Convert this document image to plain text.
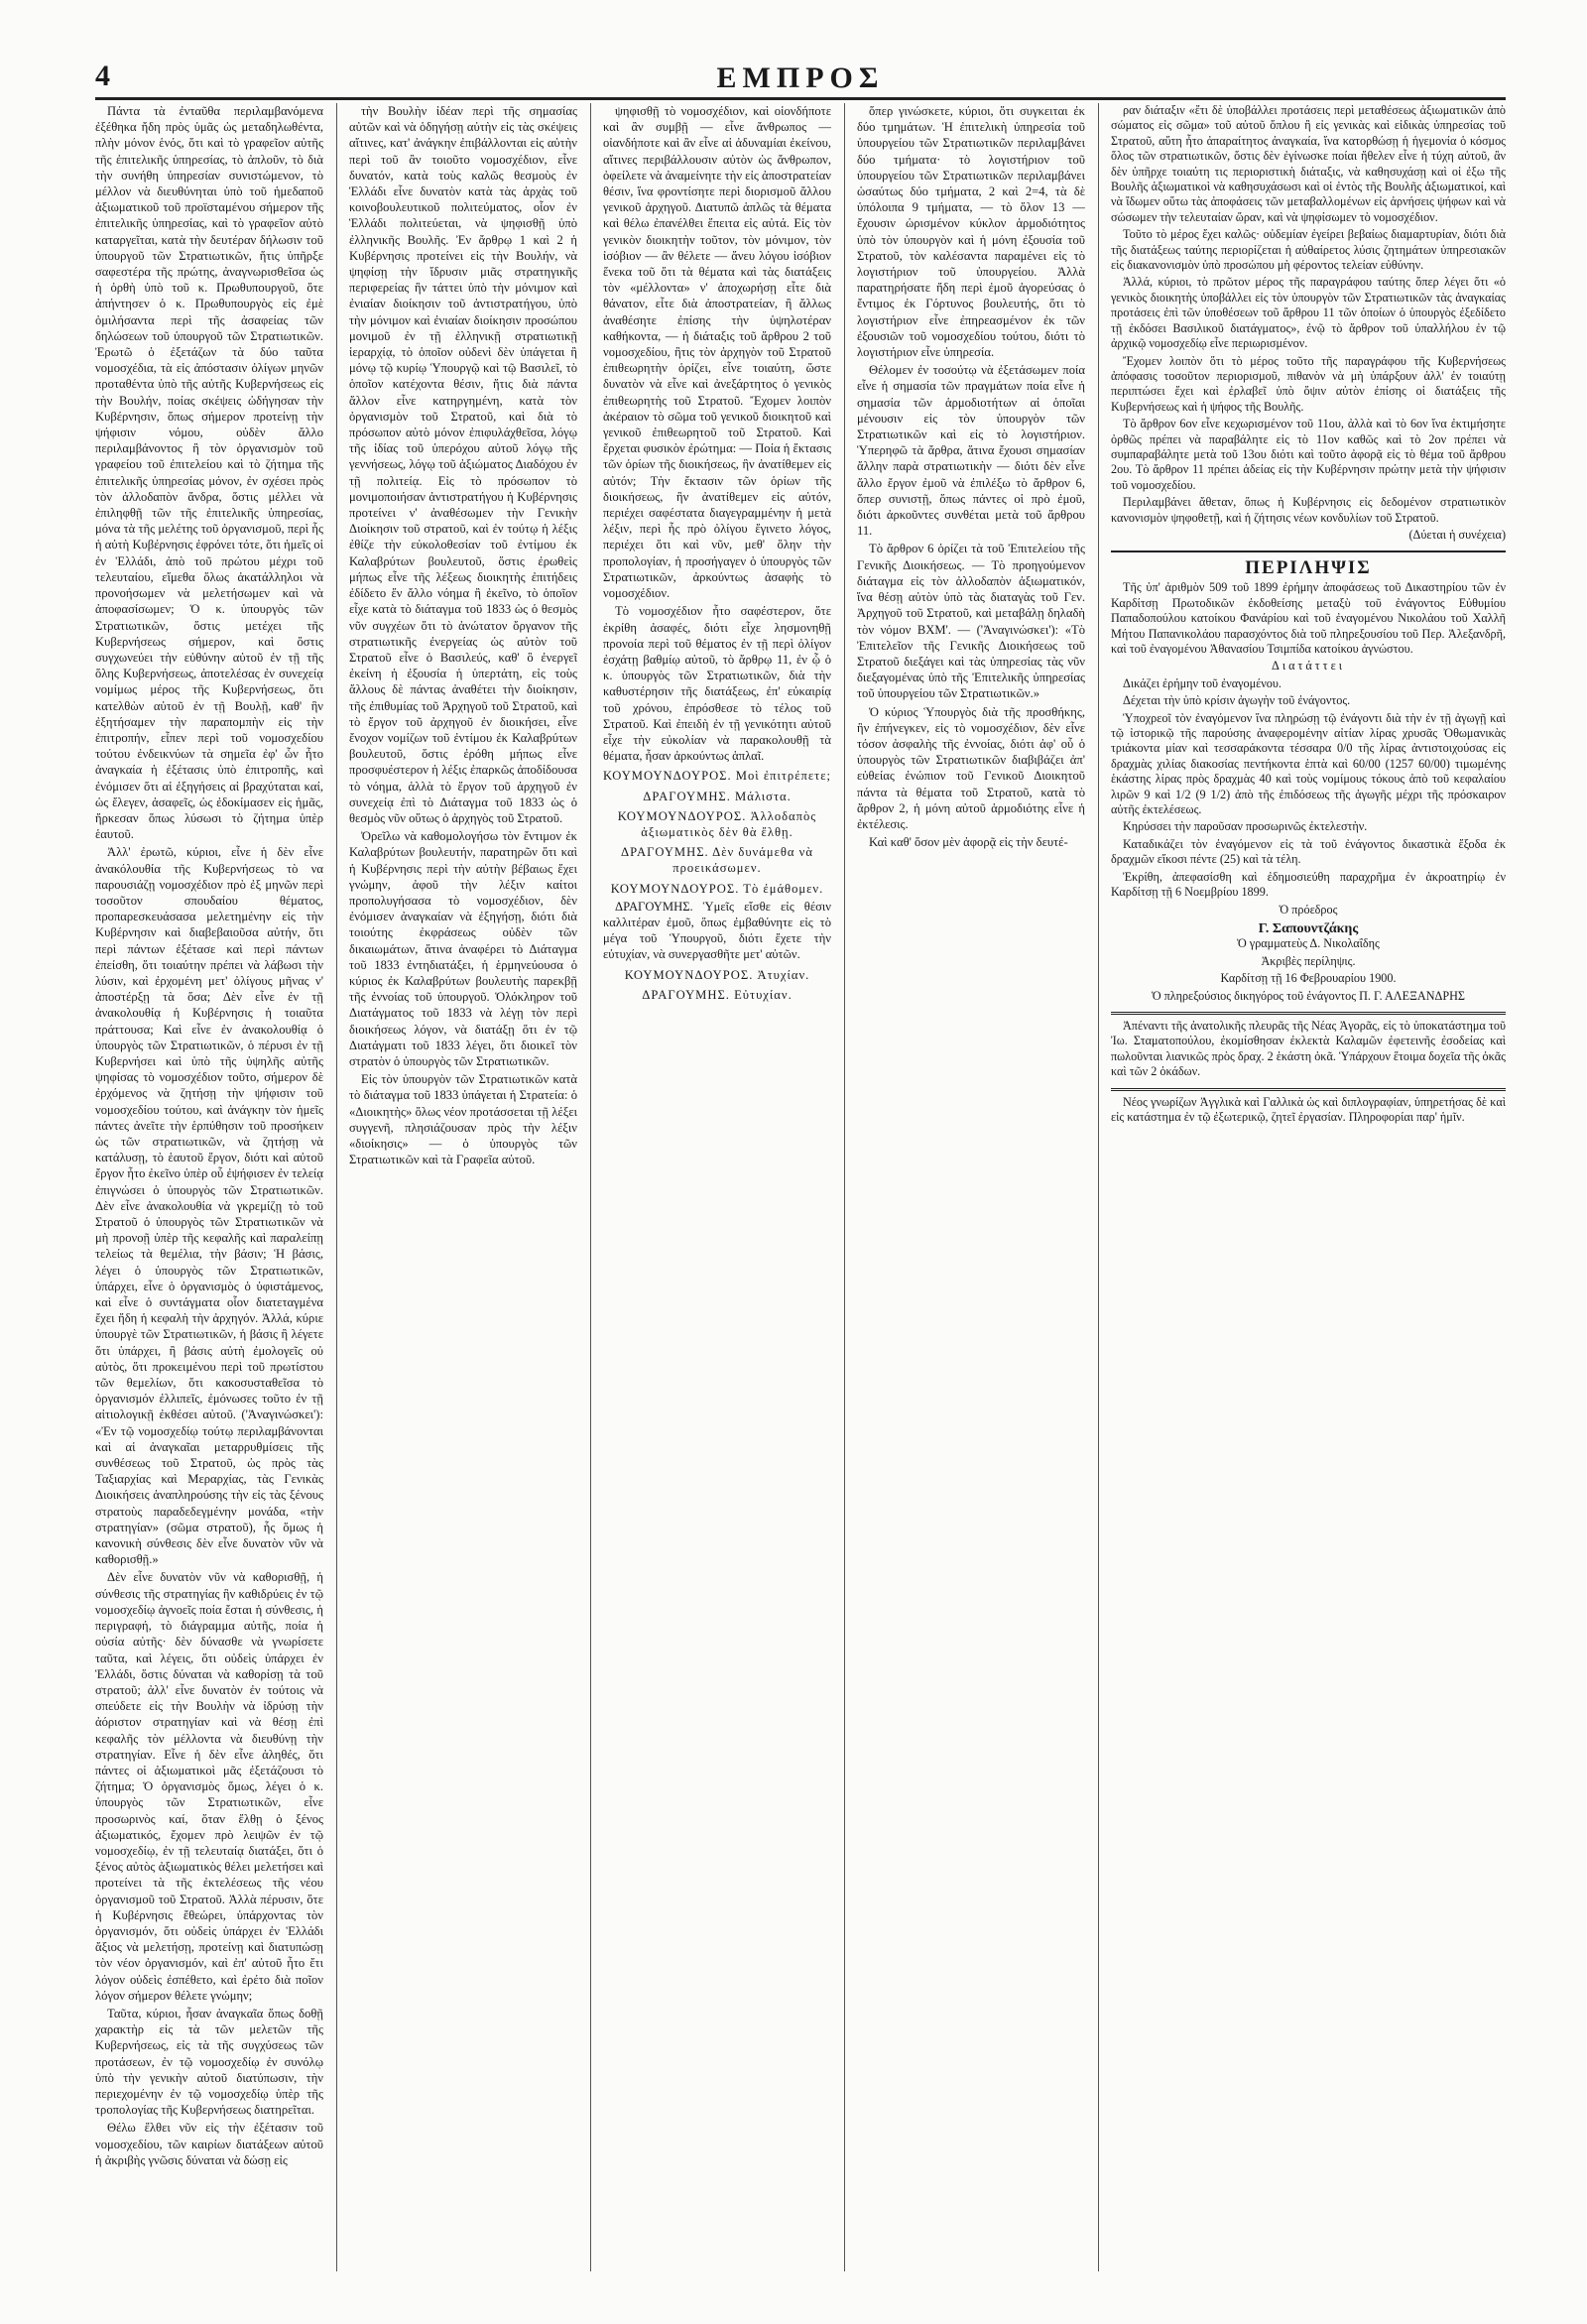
4	ΕΜΠΡΟΣ

Πάντα τὰ ἐνταῦθα περιλαμβανόμενα ἐξέθηκα ἤδη πρὸς ὑμᾶς ὡς μεταδηλωθέντα, πλὴν μόνον ἑνός, ὅτι καὶ τὸ γραφεῖον αὐτῆς τῆς ἐπιτελικῆς ὑπηρεσίας, τὸ ἀπλοῦν, τὸ διὰ τὴν συνήθη ὑπηρεσίαν συνιστώμενον, τὸ μέλλον νὰ διευθύνηται ὑπὸ τοῦ ἡμεδαποῦ ἀξιωματικοῦ τοῦ προϊσταμένου σήμερον τῆς ἐπιτελικῆς ὑπηρεσίας, καὶ τὸ γραφεῖον αὐτὸ καταργεῖται, κατὰ τὴν δευτέραν δήλωσιν τοῦ ὑπουργοῦ τῶν Στρατιωτικῶν, ἥτις ὑπῆρξε σαφεστέρα τῆς πρώτης, ἀναγνωρισθεῖσα ὡς ἡ ὀρθὴ ὑπὸ τοῦ κ. Πρωθυπουργοῦ, ὅτε ἀπήντησεν ὁ κ. Πρωθυπουργὸς εἰς ἐμὲ ὁμιλήσαντα περὶ τῆς ἀσαφείας τῶν δηλώσεων τοῦ ὑπουργοῦ τῶν Στρατιωτικῶν. Ἐρωτῶ ὁ ἐξετάζων τὰ δύο ταῦτα νομοσχέδια, τὰ εἰς ἀπόστασιν ὀλίγων μηνῶν προταθέντα ὑπὸ τῆς αὐτῆς Κυβερνήσεως εἰς τὴν Βουλήν, ποίας σκέψεις ὠδήγησαν τὴν Κυβέρνησιν, ὅπως σήμερον προτείνῃ τὴν ψήφισιν νόμου, οὐδὲν ἄλλο περιλαμβάνοντος ἢ τὸν ὀργανισμὸν τοῦ γραφείου τοῦ ἐπιτελείου καὶ τὸ ζήτημα τῆς ἐπιτελικῆς ὑπηρεσίας μόνον, ἐν σχέσει πρὸς τὸν ἀλλοδαπὸν ἄνδρα, ὅστις μέλλει νὰ ἐπιληφθῇ τῶν τῆς ἐπιτελικῆς ὑπηρεσίας, μόνα τὰ τῆς μελέτης τοῦ ὀργανισμοῦ, περὶ ἧς ἡ αὐτὴ Κυβέρνησις ἐφρόνει τότε, ὅτι ἡμεῖς οἱ ἐν Ἑλλάδι, ἀπὸ τοῦ πρώτου μέχρι τοῦ τελευταίου, εἴμεθα ὅλως ἀκατάλληλοι νὰ προνοήσωμεν νὰ μελετήσωμεν καὶ νὰ ἀποφασίσωμεν; Ὁ κ. ὑπουργὸς τῶν Στρατιωτικῶν, ὅστις μετέχει τῆς Κυβερνήσεως σήμερον, καὶ ὅστις συγχωνεύει τὴν εὐθύνην αὐτοῦ ἐν τῇ τῆς ὅλης Κυβερνήσεως, ἀποτελέσας ἐν συνεχείᾳ νομίμως μέρος τῆς Κυβερνήσεως, ὅτι κατελθὼν αὐτοῦ ἐν τῇ Βουλῇ, καθ' ἣν ἐξητήσαμεν τὴν παραπομπὴν εἰς τὴν ἐπιτροπήν, εἶπεν περὶ τοῦ νομοσχεδίου τούτου ἐνδεικνύων τὰ σημεῖα ἐφ' ὧν ἦτο ἀναγκαία ἡ ἐξέτασις ὑπὸ ἐπιτροπῆς, καὶ ἐνόμισεν ὅτι αἱ ἐξηγήσεις αἱ βραχύταται καί, ὡς ἔλεγεν, ἀσαφεῖς, ὡς ἐδοκίμασεν εἰς ἡμᾶς, ἤρκεσαν ὅπως λύσωσι τὸ ζήτημα ὑπὲρ ἑαυτοῦ.

Ἀλλ' ἐρωτῶ, κύριοι, εἶνε ἡ δὲν εἶνε ἀνακόλουθία τῆς Κυβερνήσεως τὸ να παρουσιάζῃ νομοσχέδιον πρὸ ἐξ μηνῶν περὶ τοσοῦτον σπουδαίου θέματος, προπαρεσκευάσασα μελετημένην εἰς τὴν Κυβέρνησιν καὶ διαβεβαιοῦσα αὐτήν, ὅτι περὶ πάντων ἐξέτασε καὶ περὶ πάντων ἐπείσθη, ὅτι τοιαύτην πρέπει νὰ λάβωσι τὴν λύσιν, καὶ ἐρχομένη μετ' ὀλίγους μῆνας ν' ἀποστέρξῃ τὰ ὅσα; Δὲν εἶνε ἐν τῇ ἀνακολουθίᾳ ἡ Κυβέρνησις ἡ τοιαῦτα πράττουσα; Καὶ εἶνε ἐν ἀνακολουθίᾳ ὁ ὑπουργὸς τῶν Στρατιωτικῶν, ὁ πέρυσι ἐν τῇ Κυβερνήσει καὶ ὑπὸ τῆς ὑψηλῆς αὐτῆς ψηφίσας τὸ νομοσχέδιον τοῦτο, σήμερον δὲ ἐρχόμενος νὰ ζητήσῃ τὴν ψήφισιν τοῦ νομοσχεδίου τούτου, καὶ ἀνάγκην τὸν ἡμεῖς πάντες ἀνεῖτε τὴν ἑρπύθησιν τοῦ προσήκειν ὡς τῶν στρατιωτικῶν, νὰ ζητήσῃ νὰ κατάλυσῃ, τὸ ἑαυτοῦ ἔργον, διότι καὶ αὐτοῦ ἔργον ἦτο ἐκεῖνο ὑπὲρ οὗ ἐψήφισεν ἐν τελείᾳ ἐπιγνώσει ὁ ὑπουργὸς τῶν Στρατιωτικῶν. Δὲν εἶνε ἀνακολουθία νὰ γκρεμίζῃ τὸ τοῦ Στρατοῦ ὁ ὑπουργὸς τῶν Στρατιωτικῶν νὰ μὴ προνοῇ ὑπὲρ τῆς κεφαλῆς καὶ παραλείπῃ τελείως τὰ θεμέλια, τὴν βάσιν; Ἡ βάσις, λέγει ὁ ὑπουργὸς τῶν Στρατιωτικῶν, ὑπάρχει, εἶνε ὁ ὀργανισμὸς ὁ ὑφιστάμενος, καὶ εἶνε ὁ συντάγματα οἷον διατεταγμένα ἔχει ἤδη ἡ κεφαλὴ τὴν ἀρχηγόν. Ἀλλά, κύριε ὑπουργὲ τῶν Στρατιωτικῶν, ἡ βάσις ἢ λέγετε ὅτι ὑπάρχει, ἢ βάσις αὐτὴ ἐμολογεῖς οὐ αὐτὸς, ὅτι προκειμένου περὶ τοῦ πρωτίστου τῶν θεμελίων, ὅτι κακοσυσταθεῖσα τὸ ὀργανισμόν ἐλλιπεῖς, ἐμόνωσες τοῦτο ἐν τῇ αἰτιολογικῇ ἐκθέσει αὐτοῦ. ('Ἀναγινώσκει'): «Ἐν τῷ νομοσχεδίῳ τούτῳ περιλαμβάνονται καὶ αἱ ἀναγκαῖαι μεταρρυθμίσεις τῆς συνθέσεως τοῦ Στρατοῦ, ὡς πρὸς τὰς Ταξιαρχίας καὶ Μεραρχίας, τὰς Γενικὰς Διοικήσεις ἀναπληρούσης τὴν εἰς τὰς ξένους στρατοὺς παραδεδεγμένην μονάδα, «τὴν στρατηγίαν» (σῶμα στρατοῦ), ἧς ὅμως ἡ κανονικὴ σύνθεσις δὲν εἶνε δυνατὸν νῦν νὰ καθορισθῇ.»

Δὲν εἶνε δυνατὸν νῦν νὰ καθορισθῇ, ἡ σύνθεσις τῆς στρατηγίας ἣν καθιδρύεις ἐν τῷ νομοσχεδίῳ ἀγνοεῖς ποία ἔσται ἡ σύνθεσις, ἡ περιγραφή, τὸ διάγραμμα αὐτῆς, ποία ἡ οὐσία αὐτῆς· δὲν δύνασθε νὰ γνωρίσετε ταῦτα, καὶ λέγεις, ὅτι οὐδεὶς ὑπάρχει ἐν Ἑλλάδι, ὅστις δύναται νὰ καθορίσῃ τὰ τοῦ στρατοῦ; ἀλλ' εἶνε δυνατὸν ἐν τούτοις νὰ σπεύδετε εἰς τὴν Βουλὴν νὰ ἰδρύσῃ τὴν ἀόριστον στρατηγίαν καὶ νὰ θέσῃ ἐπὶ κεφαλῆς τὸν μέλλοντα νὰ διευθύνῃ τὴν στρατηγίαν. Εἶνε ἡ δὲν εἶνε ἀληθές, ὅτι πάντες οἱ ἀξιωματικοὶ μᾶς ἐξετάζουσι τὸ ζήτημα; Ὁ ὀργανισμὸς ὅμως, λέγει ὁ κ. ὑπουργὸς τῶν Στρατιωτικῶν, εἶνε προσωρινὸς καί, ὅταν ἔλθῃ ὁ ξένος ἀξιωματικός, ἔχομεν πρὸ λειψῶν ἐν τῷ νομοσχεδίῳ, ἐν τῇ τελευταίᾳ διατάξει, ὅτι ὁ ξένος αὐτὸς ἀξιωματικὸς θέλει μελετήσει καὶ προτείνει τὰ τῆς ἐκτελέσεως τῆς νέου ὀργανισμοῦ τοῦ Στρατοῦ. Ἀλλὰ πέρυσιν, ὅτε ἡ Κυβέρνησις ἔθεώρει, ὑπάρχοντας τὸν ὀργανισμόν, ὅτι οὐδεὶς ὑπάρχει ἐν Ἑλλάδι ἄξιος νὰ μελετήσῃ, προτείνῃ καὶ διατυπώσῃ τὸν νέον ὀργανισμόν, καὶ ἐπ' αὐτοῦ ἦτο ἔτι λόγον οὐδεὶς ἐσπέθετο, καὶ ἐρέτο διὰ ποῖον λόγον σήμερον θέλετε γνώμην;

Ταῦτα, κύριοι, ἦσαν ἀναγκαῖα ὅπως δοθῇ χαρακτὴρ εἰς τὰ τῶν μελετῶν τῆς Κυβερνήσεως, εἰς τὰ τῆς συγχύσεως τῶν προτάσεων, ἐν τῷ νομοσχεδίῳ ἐν συνόλῳ ὑπὸ τὴν γενικὴν αὐτοῦ διατύπωσιν, τὴν περιεχομένην ἐν τῷ νομοσχεδίῳ ὑπὲρ τῆς τροπολογίας τῆς Κυβερνήσεως διατηρεῖται.

Θέλω ἔλθει νῦν εἰς τὴν ἐξέτασιν τοῦ νομοσχεδίου, τῶν καιρίων διατάξεων αὐτοῦ ἡ ἀκριβὴς γνῶσις δύναται νὰ δώσῃ εἰς

τὴν Βουλὴν ἰδέαν περὶ τῆς σημασίας αὐτῶν καὶ νὰ ὁδηγήσῃ αὐτὴν εἰς τὰς σκέψεις αἵτινες, κατ' ἀνάγκην ἐπιβάλλονται εἰς αὐτὴν περὶ τοῦ ἂν τοιοῦτο νομοσχέδιον, εἶνε δυνατόν, κατὰ τοὺς καλῶς θεσμοὺς ἐν Ἑλλάδι εἶνε δυνατὸν κατὰ τὰς ἀρχὰς τοῦ κοινοβουλευτικοῦ πολιτεύματος, οἷον ἐν Ἑλλάδι πολιτεύεται, νὰ ψηφισθῇ ὑπὸ ἐλληνικῆς Βουλῆς. Ἐν ἄρθρῳ 1 καὶ 2 ἡ Κυβέρνησις προτείνει εἰς τὴν Βουλήν, νὰ ψηφίσῃ τὴν ἵδρυσιν μιᾶς στρατηγικῆς περιφερείας ἣν τάττει ὑπὸ τὴν μόνιμον καὶ ἐνιαίαν διοίκησιν τοῦ ἀντιστρατήγου, ὑπὸ τὴν μόνιμον καὶ ἐνιαίαν διοίκησιν προσώπου μονιμοῦ ἐν τῇ ἐλληνικῇ στρατιωτικῇ ἱεραρχίᾳ, τὸ ὁποῖον οὐδενὶ δὲν ὑπάγεται ἢ μόνῳ τῷ κυρίῳ Ὑπουργῷ καὶ τῷ Βασιλεῖ, τὸ ὁποῖον κατέχοντα θέσιν, ἥτις διὰ πάντα ἄλλον εἶνε κατηργημένη, κατὰ τὸν ὀργανισμὸν τοῦ Στρατοῦ, καὶ διὰ τὸ πρόσωπον αὐτὸ μόνον ἐπιφυλάχθεῖσα, λόγῳ τῆς ἰδίας τοῦ ὑπερόχου αὐτοῦ λόγῳ τῆς γεννήσεως, λόγῳ τοῦ ἀξιώματος Διαδόχου ἐν τῇ πολιτείᾳ. Εἰς τὸ πρόσωπον τὸ μονιμοποιήσαν ἀντιστρατήγου ἡ Κυβέρνησις προτείνει ν' ἀναθέσωμεν τὴν Γενικὴν Διοίκησιν τοῦ στρατοῦ, καὶ ἐν τούτῳ ἡ λέξις ἐθίζε τὴν εὐκολοθεσίαν τοῦ ἐντίμου ἐκ Καλαβρύτων βουλευτοῦ, ὅστις ἐρωθεὶς μήπως εἶνε τῆς λέξεως διοικητὴς ἐπιτήδεις ἐδίδετο ἕν ἄλλο νόημα ἢ ἐκεῖνο, τὸ ὁποῖον εἶχε κατὰ τὸ διάταγμα τοῦ 1833 ὡς ὁ θεσμὸς νῦν συγχέων ὅτι τὸ ἀνώτατον ὄργανον τῆς στρατιωτικῆς ἐνεργείας ὡς αὐτὸν τοῦ Στρατοῦ εἶνε ὁ Βασιλεύς, καθ' ὃ ἐνεργεῖ ἐκείνη ἡ ἐξουσία ἡ ὑπερτάτη, εἰς τοὺς ἄλλους δὲ πάντας ἀναθέτει τὴν διοίκησιν, τῆς ἐπιθυμίας τοῦ Ἀρχηγοῦ τοῦ Στρατοῦ, καὶ τὸ ἔργον τοῦ ἀρχηγοῦ ἐν διοικήσει, εἶνε ἔνοχον νομίζων τοῦ ἐντίμου ἐκ Καλαβρύτων βουλευτοῦ, ὅστις ἐρόθη μήπως εἶνε προσφυέστερον ἡ λέξις ἐπαρκῶς ἀποδίδουσα τὸ νόημα, ἀλλὰ τὸ ἔργον τοῦ ἀρχηγοῦ ἐν συνεχείᾳ ἐπὶ τὸ Διάταγμα τοῦ 1833 ὡς ὁ θεσμὸς νῦν οὕτως ὁ ἀρχηγὸς τοῦ Στρατοῦ.

Ὀρεῖλω νὰ καθομολογήσω τὸν ἔντιμον ἐκ Καλαβρύτων βουλευτήν, παρατηρῶν ὅτι καὶ ἡ Κυβέρνησις περὶ τὴν αὐτὴν βέβαιως ἔχει γνώμην, ἀφοῦ τὴν λέξιν καίτοι προπολυγήσασα τὸ νομοσχέδιον, δὲν ἐνόμισεν ἀναγκαίαν νὰ ἐξηγήσῃ, διότι διὰ τοιούτης ἐκφράσεως οὐδὲν τῶν δικαιωμάτων, ἅτινα ἀναφέρει τὸ Διάταγμα τοῦ 1833 ἐντηδιατάξει, ἡ ἑρμηνεύουσα ὁ κύριος ἐκ Καλαβρύτων βουλευτὴς παρεκβῇ τῆς ἐννοίας τοῦ ὑπουργοῦ. Ὁλόκληρον τοῦ Διατάγματος τοῦ 1833 νὰ λέγῃ τὸν περὶ διοικήσεως λόγον, νὰ διατάξῃ ὅτι ἐν τῷ Διατάγματι τοῦ 1833 λέγει, ὅτι διοικεῖ τὸν στρατὸν ὁ ὑπουργὸς τῶν Στρατιωτικῶν.

Εἰς τὸν ὑπουργὸν τῶν Στρατιωτικῶν κατὰ τὸ διάταγμα τοῦ 1833 ὑπάγεται ἡ Στρατεία: ὁ «Διοικητὴς» ὅλως νέον προτάσσεται τῇ λέξει συγγενῆ, πλησιάζουσαν πρὸς τὴν λέξιν «διοίκησις» — ὁ ὑπουργὸς τῶν Στρατιωτικῶν καὶ τὰ Γραφεῖα αὐτοῦ.

ψηφισθῇ τὸ νομοσχέδιον, καὶ οἱονδήποτε καὶ ἂν συμβῇ — εἶνε ἄνθρωπος — οἰανδήποτε καὶ ἂν εἶνε αἱ ἀδυναμίαι ἐκείνου, αἵτινες περιβάλλουσιν αὐτὸν ὡς ἄνθρωπον, ὀφείλετε νὰ ἀναμείνητε τὴν εἰς ἀποστρατείαν θέσιν, ἵνα φροντίσητε περὶ διορισμοῦ ἄλλου γενικοῦ ἀρχηγοῦ. Διατυπῶ ἁπλῶς τὰ θέματα καὶ θέλω ἐπανέλθει ἔπειτα εἰς αὐτά. Εἰς τὸν γενικὸν διοικητὴν τοῦτον, τὸν μόνιμον, τὸν ἰσόβιον — ἂν θέλετε — ἄνευ λόγου ἰσόβιον ἕνεκα τοῦ ὅτι τὰ θέματα καὶ τὰς διατάξεις τὸν «μέλλοντα» ν' ἀποχωρήσῃ εἶτε διὰ θάνατον, εἶτε διὰ ἀποστρατείαν, ἢ ἄλλως ἀναθέσητε ἐπίσης τὴν ὑψηλοτέραν καθήκοντα, — ἡ διάταξις τοῦ ἄρθρου 2 τοῦ νομοσχεδίου, ἣτις τὸν ἀρχηγὸν τοῦ Στρατοῦ ἐπιθεωρητὴν ὁρίζει, εἶνε τοιαύτη, ὥστε δυνατὸν νὰ εἶνε καὶ ἀνεξάρτητος ὁ γενικὸς ἐπιθεωρητὴς τοῦ Στρατοῦ. Ἔχομεν λοιπὸν ἀκέραιον τὸ σῶμα τοῦ γενικοῦ διοικητοῦ καὶ γενικοῦ ἐπιθεωρητοῦ τοῦ Στρατοῦ. Καὶ ἔρχεται φυσικὸν ἐρώτημα: — Ποία ἡ ἔκτασις τῶν ὁρίων τῆς διοικήσεως, ἣν ἀνατίθεμεν εἰς αὐτόν; Τὴν ἔκτασιν τῶν ὁρίων τῆς διοικήσεως, ἣν ἀνατίθεμεν εἰς αὐτόν, περιέχει σαφέστατα διαγεγραμμένην ἡ μετὰ λέξιν, περὶ ἧς πρὸ ὀλίγου ἔγινετο λόγος, περιέχει ὅτι καὶ νῦν, μεθ' ὅλην τὴν προπολογίαν, ἡ προσήγαγεν ὁ ὑπουργὸς τῶν Στρατιωτικῶν, ἀρκούντως ἀσαφὴς τὸ νομοσχέδιον.

Τὸ νομοσχέδιον ἦτο σαφέστερον, ὅτε ἐκρίθη ἀσαφές, διότι εἶχε λησμονηθῇ προνοία περὶ τοῦ θέματος ἐν τῇ περὶ ὀλίγον ἐσχάτῃ βαθμίῳ αὐτοῦ, τὸ ἄρθρῳ 11, ἐν ᾧ ὁ κ. ὑπουργὸς τῶν Στρατιωτικῶν, διὰ τὴν καθυστέρησιν τῆς διατάξεως, ἐπ' εὐκαιρίᾳ τοῦ χρόνου, ἐπρόσθεσε τὸ τέλος τοῦ Στρατοῦ. Καὶ ἐπειδὴ ἐν τῇ γενικότητι αὐτοῦ εἶχε τὴν εὐκολίαν νὰ παρακολουθῇ τὰ θέματα, ἦσαν ἀρκούντως ἁπλαῖ.

ΚΟΥΜΟΥΝΔΟΥΡΟΣ. Μοὶ ἐπιτρέπετε;

ΔΡΑΓΟΥΜΗΣ. Μάλιστα.

ΚΟΥΜΟΥΝΔΟΥΡΟΣ. Ἀλλοδαπὸς ἀξιωματικὸς δὲν θὰ ἔλθῃ.

ΔΡΑΓΟΥΜΗΣ. Δὲν δυνάμεθα νὰ προεικάσωμεν.

ΚΟΥΜΟΥΝΔΟΥΡΟΣ. Τὸ ἐμάθομεν.

ΔΡΑΓΟΥΜΗΣ. Ὑμεῖς εἴσθε εἰς θέσιν καλλιτέραν ἐμοῦ, ὅπως ἐμβαθύνητε εἰς τὸ μέγα τοῦ Ὑπουργοῦ, διότι ἔχετε τὴν εὐτυχίαν, νὰ συνεργασθῆτε μετ' αὐτῶν.

ΚΟΥΜΟΥΝΔΟΥΡΟΣ. Ἀτυχίαν.

ΔΡΑΓΟΥΜΗΣ. Εὐτυχίαν.

ὅπερ γινώσκετε, κύριοι, ὅτι συγκειται ἐκ δύο τμημάτων. Ἡ ἐπιτελικὴ ὑπηρεσία τοῦ ὑπουργείου τῶν Στρατιωτικῶν περιλαμβάνει δύο τμήματα· τὸ λογιστήριον τοῦ ὑπουργείου τῶν Στρατιωτικῶν περιλαμβάνει ὡσαύτως δύο τμήματα, 2 καὶ 2=4, τὰ δὲ ὑπόλοιπα 9 τμήματα, — τὸ ὅλον 13 — ἔχουσιν ὡρισμένον κύκλον ἁρμοδιότητος ὑπὸ τὸν ὑπουργὸν καὶ ἡ μόνη ἐξουσία τοῦ Στρατοῦ, τὸν καλέσαντα παραμένει εἰς τὸ λογιστήριον τοῦ ὑπουργείου. Ἀλλὰ παρατηρήσατε ἤδη περὶ ἐμοῦ ἀγορεύσας ὁ ἔντιμος ἐκ Γόρτυνος βουλευτής, ὅτι τὸ λογιστήριον εἶνε ἐπηρεασμένον ἐκ τῶν ἐξουσιῶν τοῦ νομοσχεδίου τούτου, διότι τὸ λογιστήριον εἶνε ὑπηρεσία.

Θέλομεν ἐν τοσούτῳ νὰ ἐξετάσωμεν ποία εἶνε ἡ σημασία τῶν πραγμάτων ποία εἶνε ἡ σημασία τῶν ἁρμοδιοτήτων αἱ ὁποῖαι μένουσιν εἰς τὸν ὑπουργὸν τῶν Στρατιωτικῶν καὶ εἰς τὸ λογιστήριον. Ὑπερηφῶ τὰ ἄρθρα, ἅτινα ἔχουσι σημασίαν ἄλλην παρὰ στρατιωτικὴν — διότι δὲν εἶνε ἄλλο ἔργον ἐμοῦ νὰ ἐπιλέξω τὸ ἄρθρον 6, ὅπερ συνιστῇ, ὅπως πάντες οἱ πρὸ ἐμοῦ, διότι ἀρκοῦντες συνθέται μετὰ τοῦ ἄρθρου 11.

Τὸ ἄρθρον 6 ὁρίζει τὰ τοῦ Ἐπιτελείου τῆς Γενικῆς Διοικήσεως. — Τὸ προηγούμενον διάταγμα εἰς τὸν ἀλλοδαπὸν ἀξιωματικόν, ἵνα θέσῃ αὐτὸν ὑπὸ τὰς διαταγὰς τοῦ Γεν. Ἀρχηγοῦ τοῦ Στρατοῦ, καὶ μεταβάλῃ δηλαδὴ τὸν νόμον ΒΧΜ'. — ('Ἀναγινώσκει'): «Τὸ Ἐπιτελεῖον τῆς Γενικῆς Διοικήσεως τοῦ Στρατοῦ διεξάγει καὶ τὰς ὑπηρεσίας τὰς νῦν διεξαγομένας ὑπὸ τῆς Ἐπιτελικῆς ὑπηρεσίας τοῦ ὑπουργείου τῶν Στρατιωτικῶν.»

Ὁ κύριος Ὑπουργὸς διὰ τῆς προσθήκης, ἣν ἐπήνεγκεν, εἰς τὸ νομοσχέδιον, δὲν εἶνε τόσον ἀσφαλὴς τῆς ἐννοίας, διότι ἀφ' οὗ ὁ ὑπουργὸς τῶν Στρατιωτικῶν διαβιβάζει ἀπ' εὐθείας ἐνώπιον τοῦ Γενικοῦ Διοικητοῦ πάντα τὰ θέματα τοῦ Στρατοῦ, κατὰ τὸ ἄρθρον 2, ἡ μόνη αὐτοῦ ἁρμοδιότης εἶνε ἡ ἐκτέλεσις.

Καὶ καθ' ὅσον μὲν ἀφορᾷ εἰς τὴν δευτέ-

ραν διάταξιν «ἔτι δὲ ὑποβάλλει προτάσεις περὶ μεταθέσεως ἀξιωματικῶν ἀπὸ σώματος εἰς σῶμα» τοῦ αὐτοῦ ὅπλου ἢ εἰς γενικὰς καὶ εἰδικὰς ὑπηρεσίας τοῦ Στρατοῦ, αὕτη ἦτο ἀπαραίτητος ἀναγκαία, ἵνα κατορθώσῃ ἡ ἡγεμονία ὁ κόσμος ὅλος τῶν στρατιωτικῶν, ὅστις δὲν ἐγίνωσκε ποίαι ἤθελεν εἶνε ἡ τύχη αὐτοῦ, ἂν δὲν ὑπῆρχε τοιαύτη τις περιοριστικὴ διάταξις, νὰ καθησυχάσῃ καὶ οἱ ἐξω τῆς Βουλῆς ἀξιωματικοὶ νὰ καθησυχάσωσι καὶ οἱ ἐντὸς τῆς Βουλῆς ἀξιωματικοί, καὶ νὰ ἴδωμεν οὕτω τὰς ἀποφάσεις τῶν μεταβαλλομένων εἰς ἀρνήσεις ψήφων καὶ νὰ σώσωμεν τὴν τελευταίαν ὥραν, καὶ νὰ ψηφίσωμεν τὸ νομοσχέδιον.

Τοῦτο τὸ μέρος ἔχει καλῶς· οὐδεμίαν ἐγείρει βεβαίως διαμαρτυρίαν, διότι διὰ τῆς διατάξεως ταύτης περιορίζεται ἡ αὐθαίρετος λύσις ζητημάτων ὑπηρεσιακῶν εἰς διακανονισμὸν ὑπὸ προσώπου μὴ φέροντος τελείαν εὐθύνην.

Ἀλλά, κύριοι, τὸ πρῶτον μέρος τῆς παραγράφου ταύτης ὅπερ λέγει ὅτι «ὁ γενικὸς διοικητὴς ὑποβάλλει εἰς τὸν ὑπουργὸν τῶν Στρατιωτικῶν τὰς ἀναγκαίας προτάσεις ἐπὶ τῶν ὑποθέσεων τοῦ ἄρθρου 11 τῶν ὁποίων ὁ ὑπουργὸς ἐξεδίδετο τῇ ἐκδόσει Βασιλικοῦ διατάγματος», ἐνῷ τὸ ἄρθρον τοῦ ὑπαλλήλου ἐν τῷ ἀρχικῷ νομοσχεδίῳ εἶνε περιωρισμένον.

Ἔχομεν λοιπὸν ὅτι τὸ μέρος τοῦτο τῆς παραγράφου τῆς Κυβερνήσεως ἀπόφασις τοσοῦτον περιορισμοῦ, πιθανὸν νὰ μὴ ὑπάρξουν ἀλλ' ἐν τοιαύτῃ περιπτώσει ἔχει καὶ ἐρλαβεῖ ὑπὸ ὄψιν αὐτὸν ἐπίσης οἱ διατάξεις τῆς Κυβερνήσεως καὶ ἡ ψήφος τῆς Βουλῆς.

Τὸ ἄρθρον 6ον εἶνε κεχωρισμένον τοῦ 11ου, ἀλλὰ καὶ τὸ 6ον ἵνα ἐκτιμήσητε ὀρθῶς πρέπει νὰ παραβάλητε εἰς τὸ 11ον καθῶς καὶ τὸ 2ον πρέπει νὰ συμπαραβάλητε μετὰ τοῦ 13ου διότι καὶ τοῦτο ἀφορᾷ εἰς τὸ θέμα τοῦ ἄρθρου 2ου. Τὸ ἄρθρον 11 πρέπει ἀδείας εἰς τὴν Κυβέρνησιν πρώτην μετὰ τὴν ψήφισιν τοῦ νομοσχεδίου.

Περιλαμβάνει ἄθεταν, ὅπως ἡ Κυβέρνησις εἰς δεδομένον στρατιωτικὸν κανονισμὸν ψηφοθετῇ, καὶ ἡ ζήτησις νέων κονδυλίων τοῦ Στρατοῦ.

(Δύεται ἡ συνέχεια)

ΠΕΡΙΛΗΨΙΣ

Τῆς ὑπ' ἀριθμὸν 509 τοῦ 1899 ἐρήμην ἀποφάσεως τοῦ Δικαστηρίου τῶν ἐν Καρδίτσῃ Πρωτοδικῶν ἐκδοθείσης μεταξὺ τοῦ ἐνάγοντος Εὐθυμίου Παπαδοπούλου κατοίκου Φανάρίου καὶ τοῦ ἐναγομένου Νικολάου τοῦ Χαλλῆ Μήτου Παπανικολάου παρασχόντος διὰ τοῦ πληρεξουσίου τοῦ Περ. Ἀλεξανδρῆ, καὶ τοῦ ἐναγομένου Ἀθανασίου Τσιμπίδα κατοίκου ἀγνώστου.

Διατάττει

Δικάζει ἐρήμην τοῦ ἐναγομένου.

Δέχεται τὴν ὑπὸ κρίσιν ἀγωγὴν τοῦ ἐνάγοντος.

Ὑποχρεοῖ τὸν ἐναγόμενον ἵνα πληρώσῃ τῷ ἐνάγοντι διὰ τὴν ἐν τῇ ἀγωγῇ καὶ τῷ ἰστορικῷ τῆς παρούσης ἀναφερομένην αἰτίαν λίρας χρυσᾶς Ὀθωμανικὰς τριάκοντα μίαν καὶ τεσσαράκοντα τέσσαρα 0/0 τῆς λίρας ἀντιστοιχούσας εἰς δραχμὰς χιλίας διακοσίας πεντήκοντα ἑπτὰ καὶ 60/00 (1257 60/00) τιμωμένης ἑκάστης λίρας πρὸς δραχμὰς 40 καὶ τοὺς νομίμους τόκους ἀπὸ τοῦ κεφαλαίου λιρῶν 9 καὶ 1/2 (9 1/2) ἀπὸ τῆς ἐπιδόσεως τῆς ἀγωγῆς μέχρι τῆς πρόσκαιρον αὐτῆς ἐκτελέσεως.

Κηρύσσει τὴν παροῦσαν προσωρινῶς ἐκτελεστὴν.

Καταδικάζει τὸν ἐναγόμενον εἰς τὰ τοῦ ἐνάγοντος δικαστικὰ ἔξοδα ἐκ δραχμῶν εἴκοσι πέντε (25) καὶ τὰ τέλη.

Ἐκρίθη, ἀπεφασίσθη καὶ ἐδημοσιεύθη παραχρῆμα ἐν ἀκροατηρίῳ ἐν Καρδίτσῃ τῇ 6 Νοεμβρίου 1899.

Ὁ πρόεδρος

Γ. Σαπουντζάκης

Ὁ γραμματεὺς Δ. Νικολαΐδης

Ἀκριβὲς περίληψις.

Καρδίτσῃ τῇ 16 Φεβρουαρίου 1900.

Ὁ πληρεξούσιος δικηγόρος τοῦ ἐνάγοντος Π. Γ. ΑΛΕΞΑΝΔΡΗΣ

Ἀπέναντι τῆς ἀνατολικῆς πλευρᾶς τῆς Νέας Ἀγορᾶς, εἰς τὸ ὑποκατάστημα τοῦ Ἰω. Σταματοπούλου, ἐκομίσθησαν ἐκλεκτὰ Καλαμῶν ἐφετεινῆς ἐσοδείας καὶ πωλοῦνται λιανικῶς πρὸς δραχ. 2 ἑκάστη ὀκᾶ. Ὑπάρχουν ἕτοιμα δοχεῖα τῆς ὀκᾶς καὶ τῶν 2 ὀκάδων.

Νέος γνωρίζων Ἀγγλικὰ καὶ Γαλλικὰ ὡς καὶ διπλογραφίαν, ὑπηρετήσας δὲ καὶ εἰς κατάστημα ἐν τῷ ἐξωτερικῷ, ζητεῖ ἐργασίαν. Πληροφορίαι παρ' ἡμῖν.
